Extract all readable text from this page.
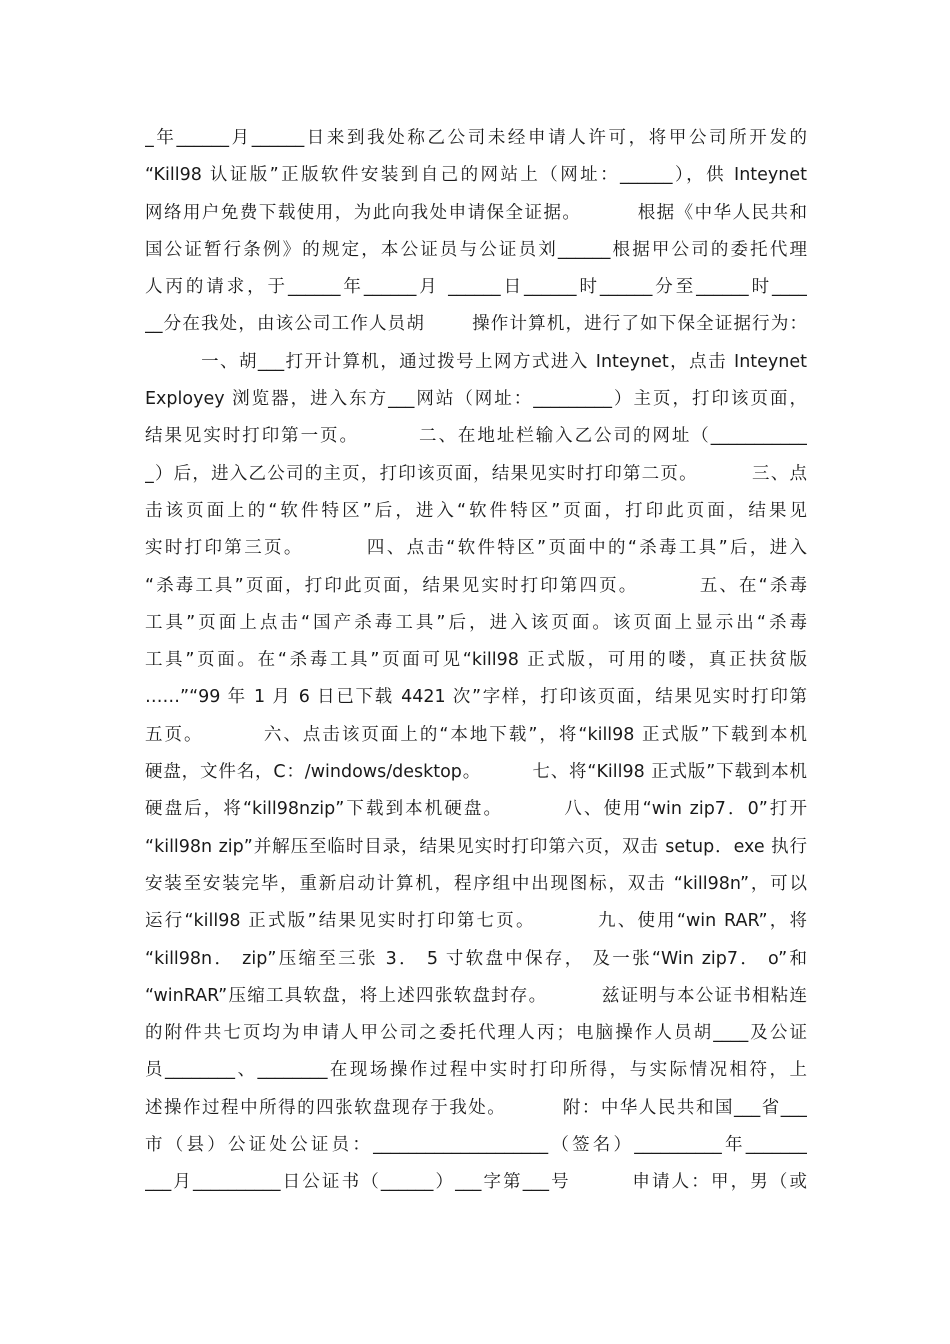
_年______月______日来到我处称乙公司未经申请人许可，将甲公司所开发的
“Kill98 认证版”正版软件安装到自己的网站上（网址：______），供 Inteynet
网络用户免费下载使用，为此向我处申请保全证据。        根据《中华人民共和
国公证暂行条例》的规定，本公证员与公证员刘______根据甲公司的委托代理
人丙的请求，于______年______月 ______日______时______分至______时____
__分在我处，由该公司工作人员胡       操作计算机，进行了如下保全证据行为：
一、胡___打开计算机，通过拨号上网方式进入 Inteynet，点击 Inteynet
Exployey 浏览器，进入东方___网站（网址：_________）主页，打印该页面，
结果见实时打印第一页。        二、在地址栏输入乙公司的网址（___________
_）后，进入乙公司的主页，打印该页面，结果见实时打印第二页。        三、点
击该页面上的“软件特区”后，进入“软件特区”页面，打印此页面，结果见
实时打印第三页。        四、点击“软件特区”页面中的“杀毒工具”后，进入
“杀毒工具”页面，打印此页面，结果见实时打印第四页。        五、在“杀毒
工具”页面上点击“国产杀毒工具”后，进入该页面。该页面上显示出“杀毒
工具”页面。在“杀毒工具”页面可见“kill98 正式版，可用的喽，真正扶贫版
……”“99 年 1 月 6 日已下载 4421 次”字样，打印该页面，结果见实时打印第
五页。        六、点击该页面上的“本地下载”，将“kill98 正式版”下载到本机
硬盘，文件名，C：/windows/desktop。        七、将“Kill98 正式版”下载到本机
硬盘后，将“kill98nzip”下载到本机硬盘。        八、使用“win zip7．0”打开
“kill98n zip”并解压至临时目录，结果见实时打印第六页，双击 setup．exe 执行
安装至安装完毕，重新启动计算机，程序组中出现图标，双击 “kill98n”，可以
运行“kill98 正式版”结果见实时打印第七页。        九、使用“win RAR”，将
“kill98n． zip”压缩至三张 3． 5 寸软盘中保存， 及一张“Win zip7． o”和
“winRAR”压缩工具软盘，将上述四张软盘封存。        兹证明与本公证书相粘连
的附件共七页均为申请人甲公司之委托代理人丙；电脑操作人员胡____及公证
员________、________在现场操作过程中实时打印所得，与实际情况相符，上
述操作过程中所得的四张软盘现存于我处。        附：中华人民共和国___省___
市（县）公证处公证员：____________________（签名）__________年_______
___月__________日公证书（______）___字第___号        申请人：甲，男（或
